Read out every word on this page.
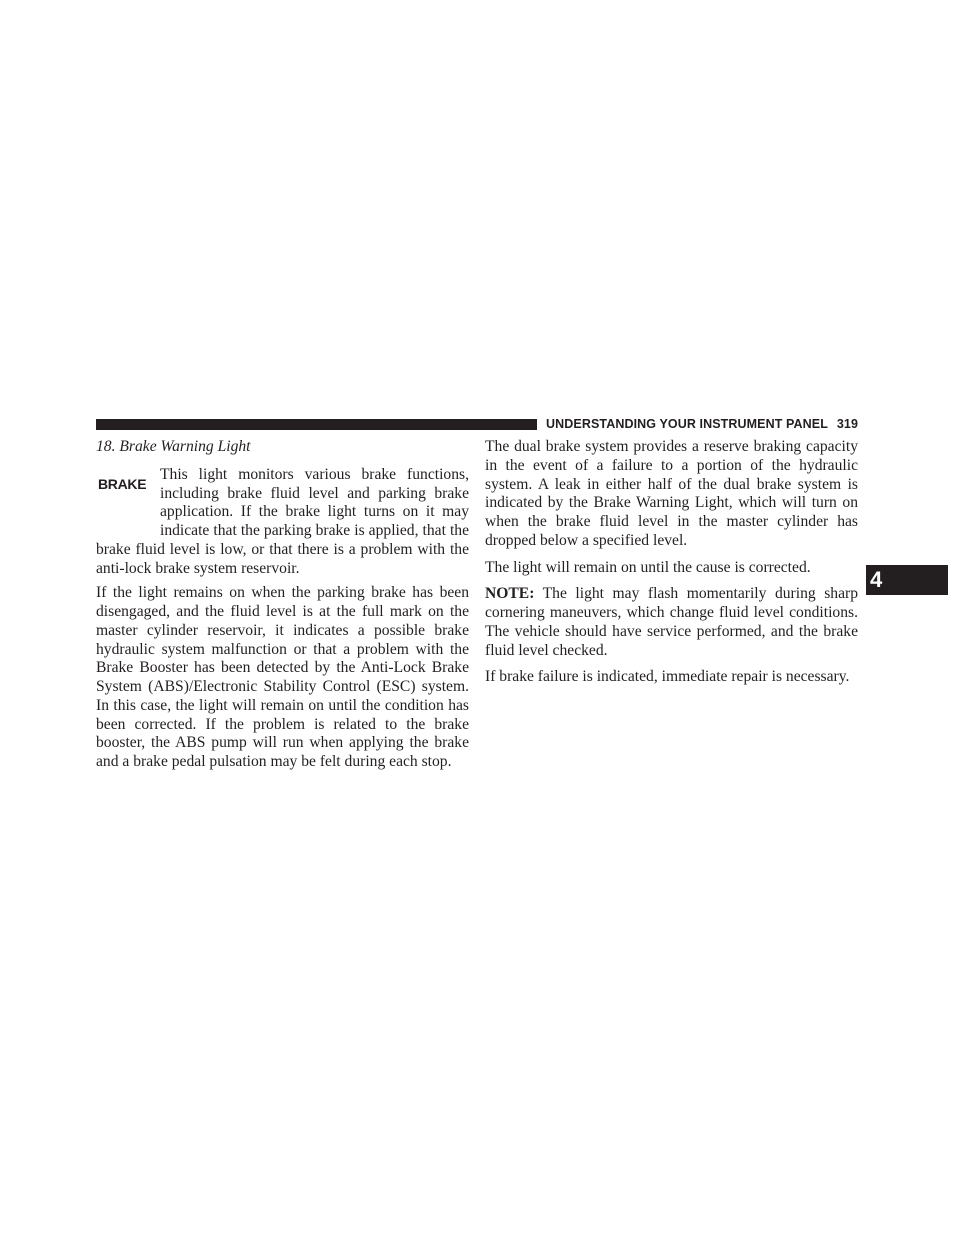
UNDERSTANDING YOUR INSTRUMENT PANEL 319

18. Brake Warning Light

BRAKE

This light monitors various brake functions, including brake fluid level and parking brake application. If the brake light turns on it may indicate that the parking brake is applied, that the brake fluid level is low, or that there is a problem with the anti-lock brake system reservoir.

If the light remains on when the parking brake has been disengaged, and the fluid level is at the full mark on the master cylinder reservoir, it indicates a possible brake hydraulic system malfunction or that a problem with the Brake Booster has been detected by the Anti-Lock Brake System (ABS)/Electronic Stability Control (ESC) system. In this case, the light will remain on until the condition has been corrected. If the problem is related to the brake booster, the ABS pump will run when applying the brake and a brake pedal pulsation may be felt during each stop.

The dual brake system provides a reserve braking capacity in the event of a failure to a portion of the hydraulic system. A leak in either half of the dual brake system is indicated by the Brake Warning Light, which will turn on when the brake fluid level in the master cylinder has dropped below a specified level.

The light will remain on until the cause is corrected.

NOTE: The light may flash momentarily during sharp cornering maneuvers, which change fluid level conditions. The vehicle should have service performed, and the brake fluid level checked.

If brake failure is indicated, immediate repair is necessary.

4
